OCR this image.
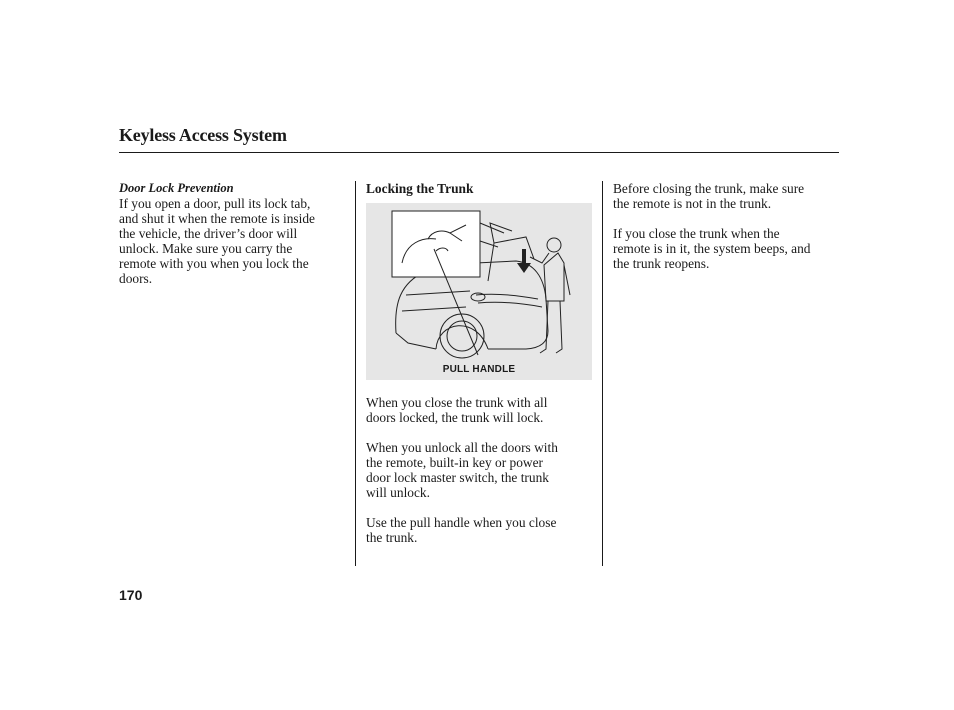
Keyless Access System

Door Lock Prevention

If you open a door, pull its lock tab,

and shut it when the remote is inside

the vehicle, the driver’s door will

unlock. Make sure you carry the

remote with you when you lock the

doors.

Locking the Trunk

When you close the trunk with all

doors locked, the trunk will lock.

When you unlock all the doors with

the remote, built-in key or power

door lock master switch, the trunk

will unlock.

Use the pull handle when you close

the trunk.

PULL HANDLE

Before closing the trunk, make sure

the remote is not in the trunk.

If you close the trunk when the

remote is in it, the system beeps, and

the trunk reopens.

170
